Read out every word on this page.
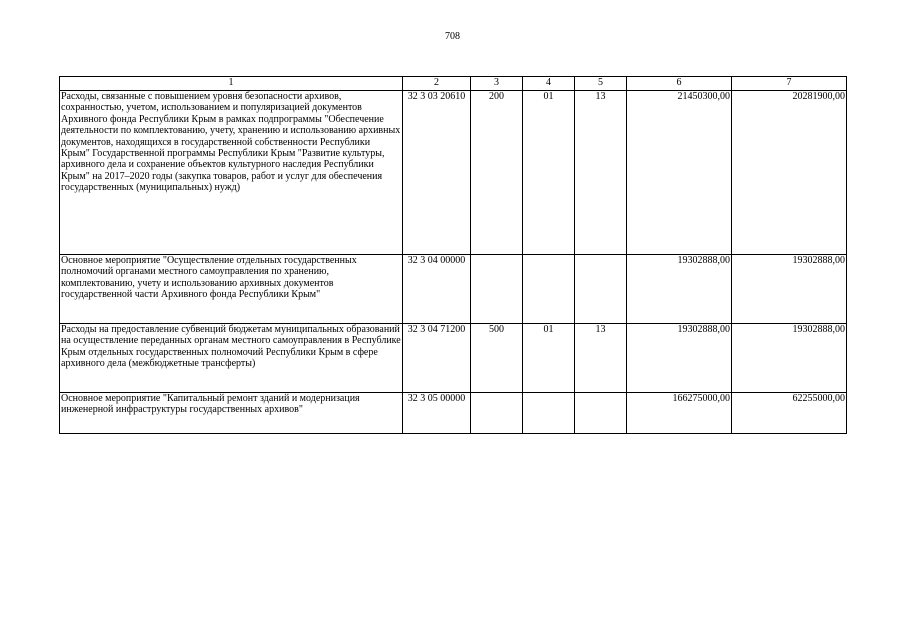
708
1	2	3	4	5	6	7
Расходы, связанные с повышением уровня безопасности архивов, сохранностью, учетом, использованием и популяризацией документов Архивного фонда Республики Крым в рамках подпрограммы "Обеспечение деятельности по комплектованию, учету, хранению и использованию архивных документов, находящихся в государственной собственности Республики Крым" Государственной программы Республики Крым "Развитие культуры, архивного дела и сохранение объектов культурного наследия Республики Крым" на 2017–2020 годы (закупка товаров, работ и услуг для обеспечения государственных (муниципальных) нужд)	32 3 03 20610	200	01	13	21450300,00	20281900,00
Основное мероприятие "Осуществление отдельных государственных полномочий органами местного самоуправления по хранению, комплектованию, учету и использованию архивных документов государственной части Архивного фонда Республики Крым"	32 3 04 00000				19302888,00	19302888,00
Расходы на предоставление субвенций бюджетам муниципальных образований на осуществление переданных органам местного самоуправления в Республике Крым отдельных государственных полномочий Республики Крым в сфере архивного дела (межбюджетные трансферты)	32 3 04 71200	500	01	13	19302888,00	19302888,00
Основное мероприятие "Капитальный ремонт зданий и модернизация инженерной инфраструктуры государственных архивов"	32 3 05 00000				166275000,00	62255000,00
